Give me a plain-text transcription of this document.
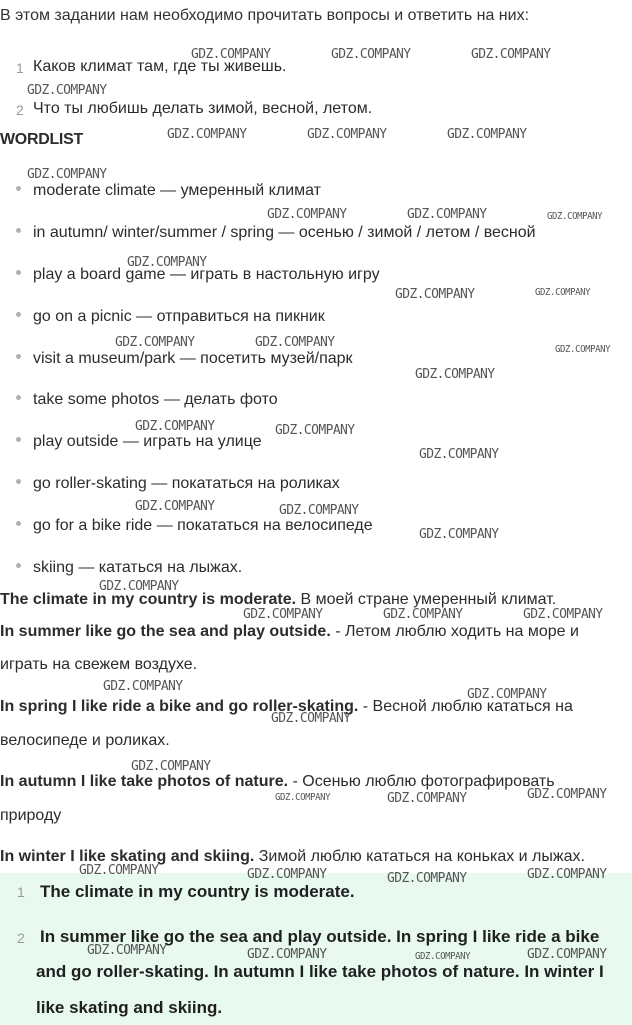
В этом задании нам необходимо прочитать вопросы и ответить на них:
1 Каков климат там, где ты живешь.
2 Что ты любишь делать зимой, весной, летом.
WORDLIST
moderate climate — умеренный климат
in autumn/ winter/summer / spring — осенью / зимой / летом / весной
play a board game — играть в настольную игру
go on a picnic — отправиться на пикник
visit a museum/park — посетить музей/парк
take some photos — делать фото
play outside — играть на улице
go roller-skating — покататься на роликах
go for a bike ride — покататься на велосипеде
skiing — кататься на лыжах.
The climate in my country is moderate. В моей стране умеренный климат.
In summer like go the sea and play outside. - Летом люблю ходить на море и
играть на свежем воздухе.
In spring I like ride a bike and go roller-skating. - Весной люблю кататься на
велосипеде и роликах.
In autumn I like take photos of nature. - Осенью люблю фотографировать
природу
In winter I like skating and skiing. Зимой люблю кататься на коньках и лыжах.
1 The climate in my country is moderate.
2 In summer like go the sea and play outside. In spring I like ride a bike
and go roller-skating. In autumn I like take photos of nature. In winter I
like skating and skiing.
GDZ.COMPANY	GDZ.COMPANY	GDZ.COMPANY
GDZ.COMPANY
GDZ.COMPANY	GDZ.COMPANY	GDZ.COMPANY
GDZ.COMPANY
GDZ.COMPANY	GDZ.COMPANY	GDZ.COMPANY
GDZ.COMPANY
GDZ.COMPANY	GDZ.COMPANY
GDZ.COMPANY	GDZ.COMPANY	GDZ.COMPANY
GDZ.COMPANY
GDZ.COMPANY	GDZ.COMPANY
GDZ.COMPANY
GDZ.COMPANY	GDZ.COMPANY
GDZ.COMPANY
GDZ.COMPANY
GDZ.COMPANY	GDZ.COMPANY	GDZ.COMPANY
GDZ.COMPANY
GDZ.COMPANY
GDZ.COMPANY
GDZ.COMPANY
GDZ.COMPANY	GDZ.COMPANY	GDZ.COMPANY
GDZ.COMPANY	GDZ.COMPANY	GDZ.COMPANY	GDZ.COMPANY
GDZ.COMPANY	GDZ.COMPANY	GDZ.COMPANY	GDZ.COMPANY
